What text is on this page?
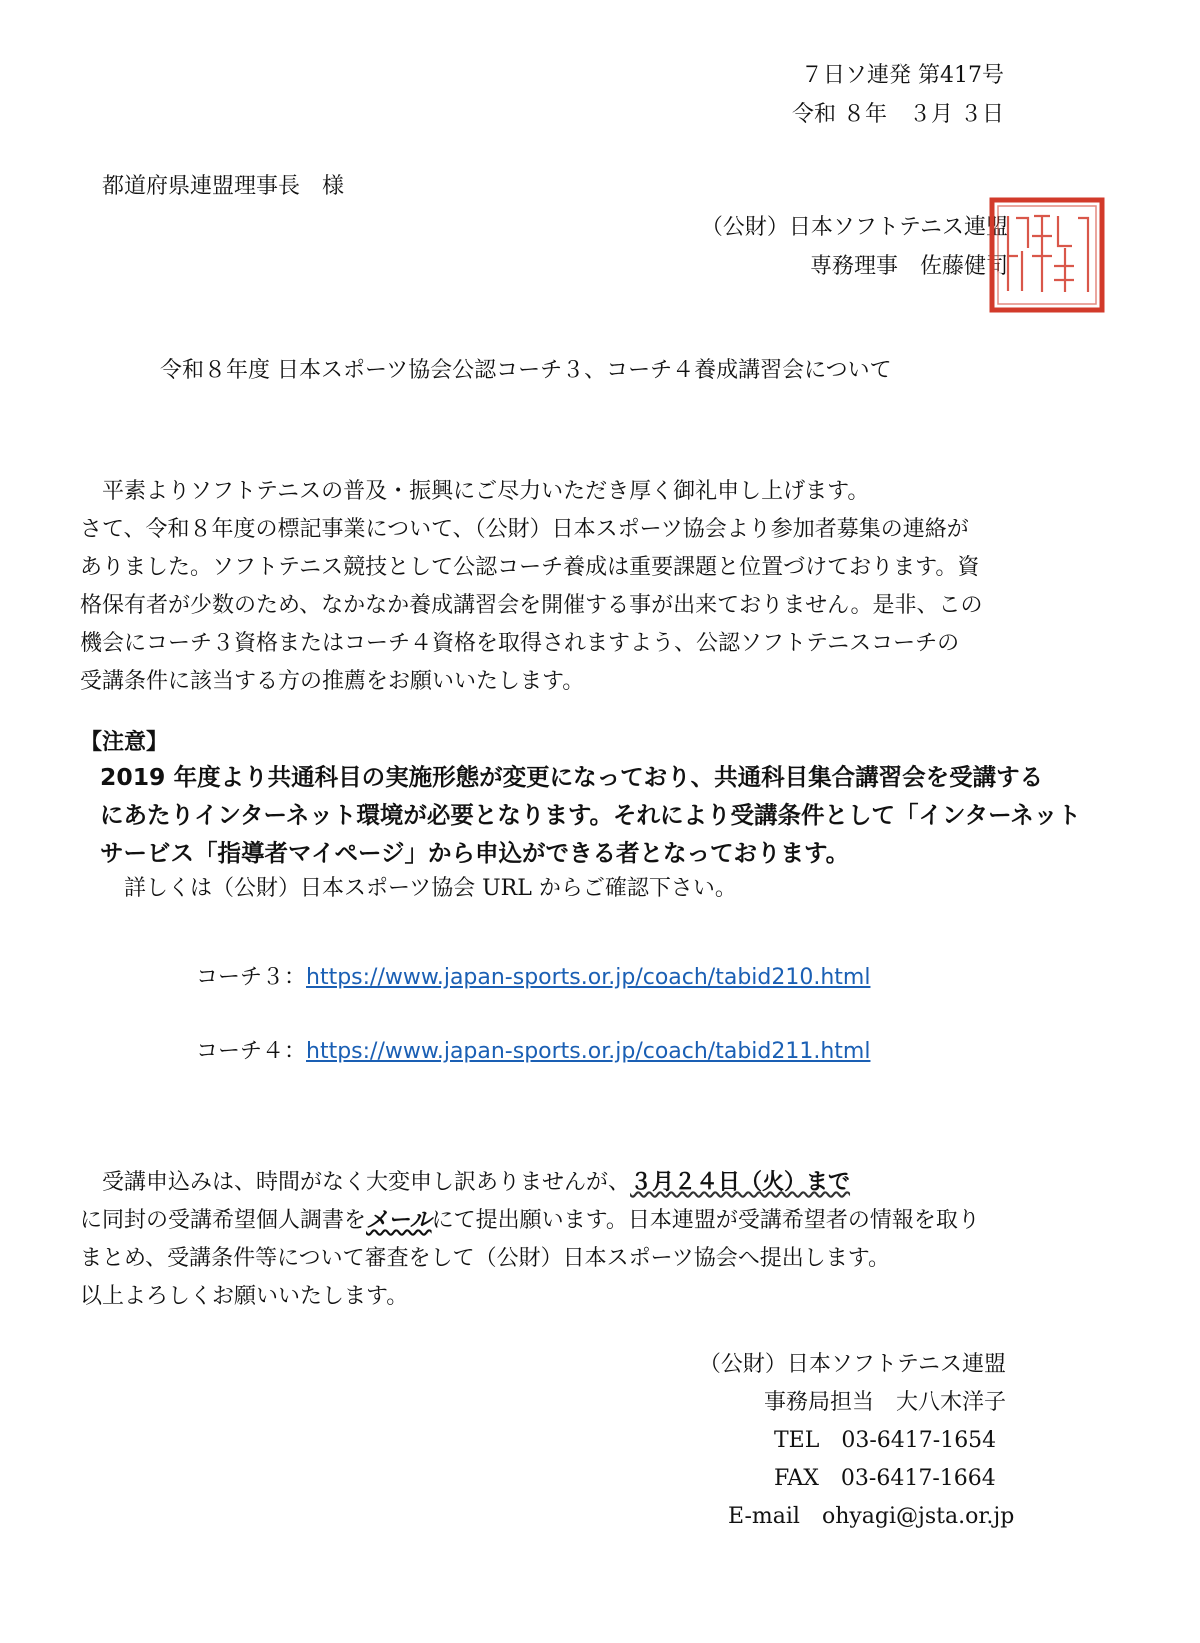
７日ソ連発 第417号
令和 ８年　３月 ３日
都道府県連盟理事長　様
（公財）日本ソフトテニス連盟
専務理事　佐藤健司
令和８年度 日本スポーツ協会公認コーチ３、コーチ４養成講習会について

平素よりソフトテニスの普及・振興にご尽力いただき厚く御礼申し上げます。

さて、令和８年度の標記事業について、（公財）日本スポーツ協会より参加者募集の連絡が

ありました。ソフトテニス競技として公認コーチ養成は重要課題と位置づけております。資

格保有者が少数のため、なかなか養成講習会を開催する事が出来ておりません。是非、この

機会にコーチ３資格またはコーチ４資格を取得されますよう、公認ソフトテニスコーチの

受講条件に該当する方の推薦をお願いいたします。

【注意】

2019 年度より共通科目の実施形態が変更になっており、共通科目集合講習会を受講する

にあたりインターネット環境が必要となります。それにより受講条件として「インターネット

サービス「指導者マイページ」から申込ができる者となっております。

詳しくは（公財）日本スポーツ協会 URL からご確認下さい。
コーチ３：https://www.japan-sports.or.jp/coach/tabid210.html
コーチ４：https://www.japan-sports.or.jp/coach/tabid211.html
受講申込みは、時間がなく大変申し訳ありませんが、３月２４日（火）まで
に同封の受講希望個人調書をメールにて提出願います。日本連盟が受講希望者の情報を取り
まとめ、受講条件等について審査をして（公財）日本スポーツ協会へ提出します。
以上よろしくお願いいたします。
（公財）日本ソフトテニス連盟
事務局担当　大八木洋子
TEL　03-6417-1654
FAX　03-6417-1664
E-mail　ohyagi@jsta.or.jp
